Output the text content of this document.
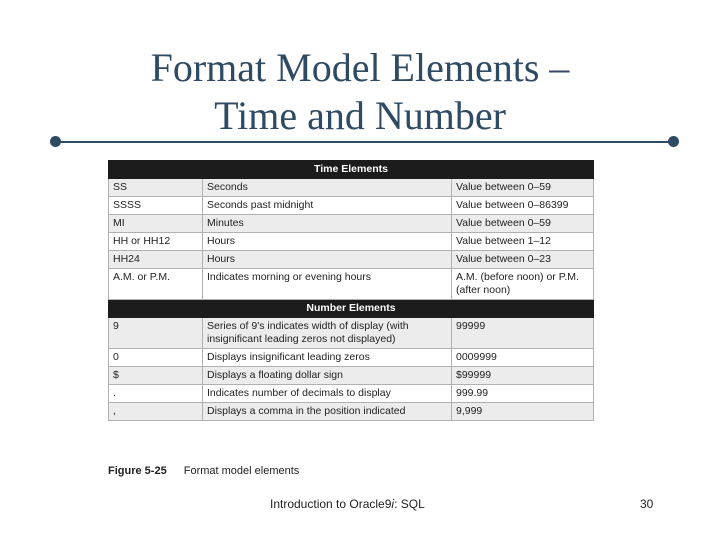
Format Model Elements –
Time and Number
Time Elements		
SS	Seconds	Value between 0–59
SSSS	Seconds past midnight	Value between 0–86399
MI	Minutes	Value between 0–59
HH or HH12	Hours	Value between 1–12
HH24	Hours	Value between 0–23
A.M. or P.M.	Indicates morning or evening hours	A.M. (before noon) or P.M. (after noon)
Number Elements		
9	Series of 9's indicates width of display (with insignificant leading zeros not displayed)	99999
0	Displays insignificant leading zeros	0009999
$	Displays a floating dollar sign	$99999
.	Indicates number of decimals to display	999.99
,	Displays a comma in the position indicated	9,999
Figure 5-25 Format model elements
Introduction to Oracle9i: SQL	30
